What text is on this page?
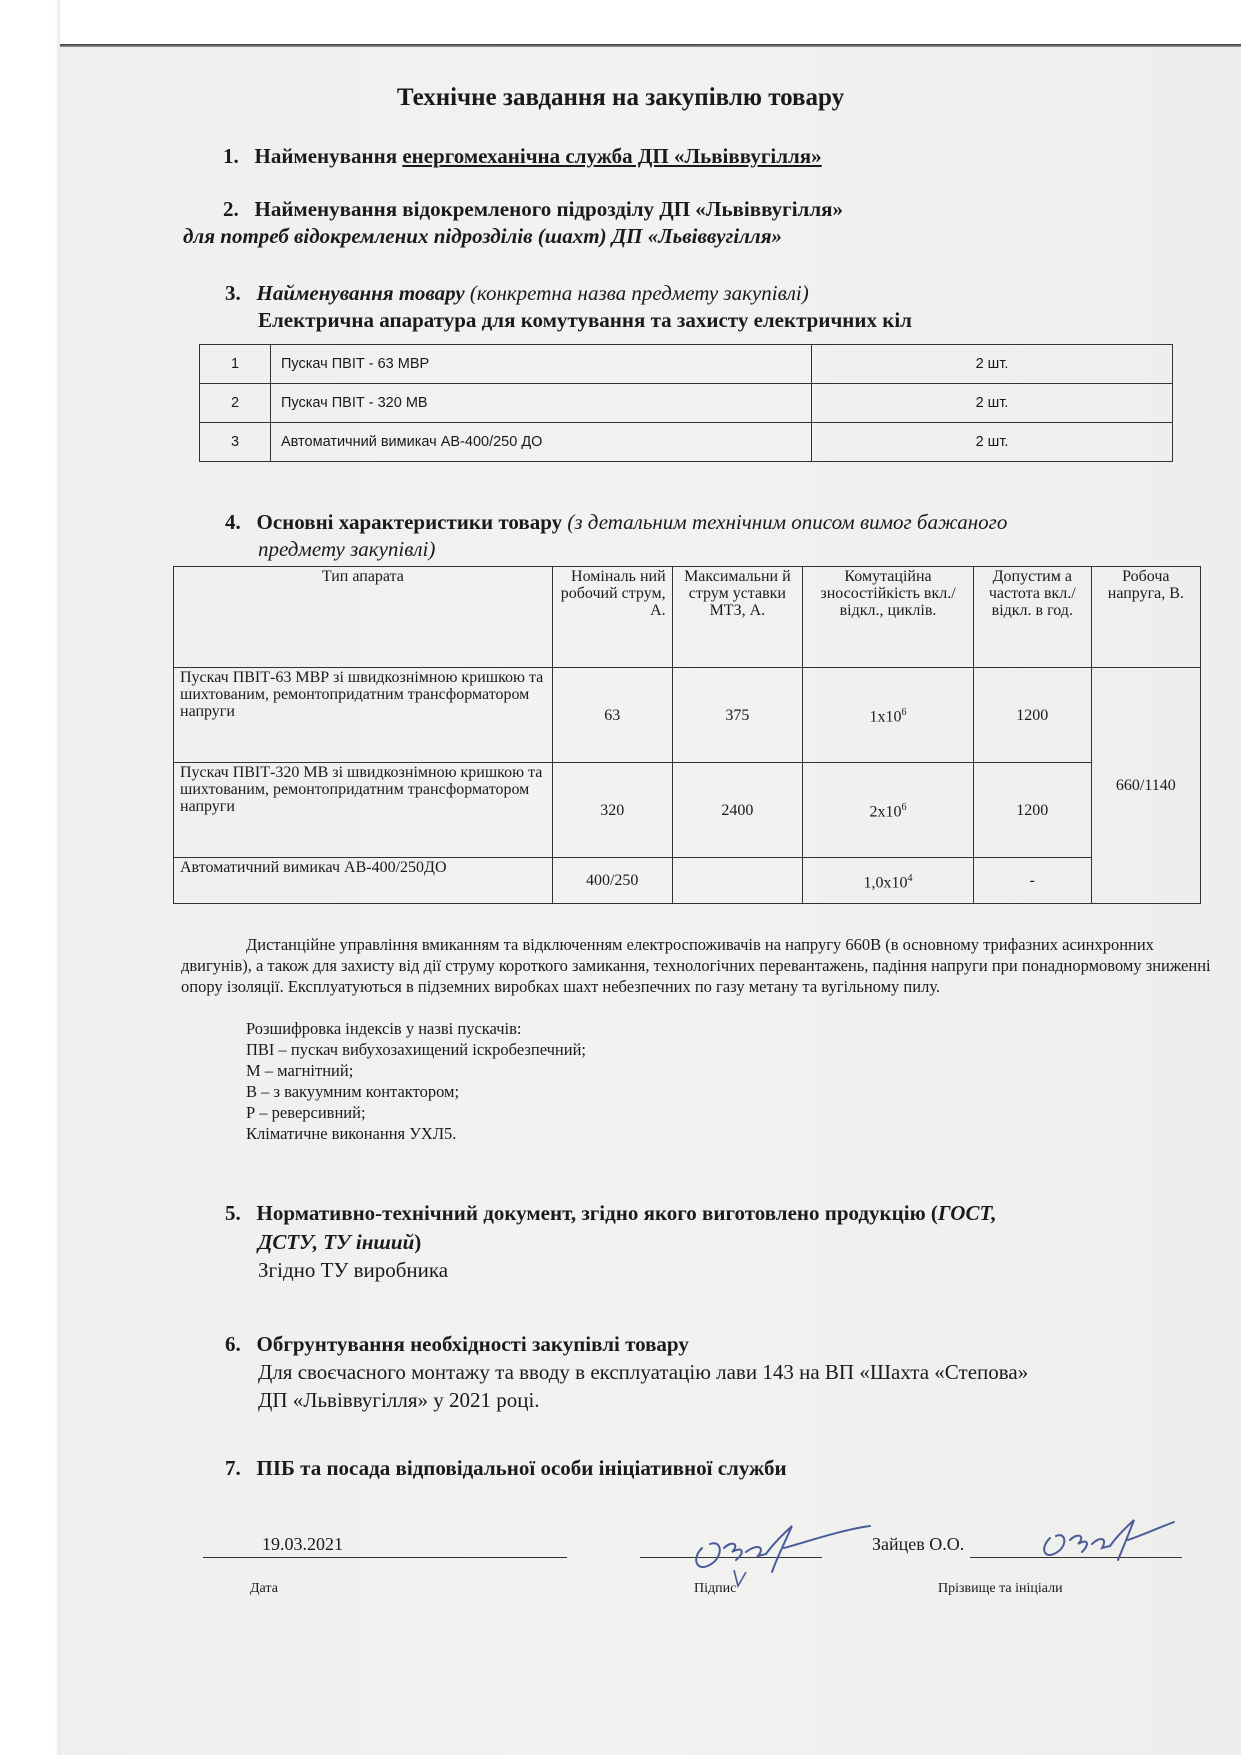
Технічне завдання на закупівлю товару
1. Найменування енергомеханічна служба ДП «Львіввугілля»
2. Найменування відокремленого підрозділу ДП «Львіввугілля»
для потреб відокремлених підрозділів (шахт) ДП «Львіввугілля»
3. Найменування товару (конкретна назва предмету закупівлі)
Електрична апаратура для комутування та захисту електричних кіл
1	Пускач ПВІТ - 63 МВР	2 шт.
2	Пускач ПВІТ - 320 МВ	2 шт.
3	Автоматичний вимикач АВ-400/250 ДО	2 шт.
4. Основні характеристики товару (з детальним технічним описом вимог бажаного
предмету закупівлі)
Тип апарата	Номіналь ний робочий струм, А.	Максимальни й струм уставки МТЗ, А.	Комутаційна зносостійкість вкл./відкл., циклів.	Допустим а частота вкл./відкл. в год.	Робоча напруга, В.
Пускач ПВІТ-63 МВР зі швидкознімною кришкою та шихтованим, ремонтопридатним трансформатором напруги	63	375	$1x10^6$	1200	660/1140
Пускач ПВІТ-320 МВ зі швидкознімною кришкою та шихтованим, ремонтопридатним трансформатором напруги	320	2400	$2x10^6$	1200	
Автоматичний вимикач АВ-400/250ДО	400/250		$1,0x10^4$	-	
Дистанційне управління вмиканням та відключенням електроспоживачів на напругу 660В (в основному трифазних асинхронних двигунів), а також для захисту від дії струму короткого замикання, технологічних перевантажень, падіння напруги при понаднормовому зниженні опору ізоляції. Експлуатуються в підземних виробках шахт небезпечних по газу метану та вугільному пилу.
Розшифровка індексів у назві пускачів:
ПВІ – пускач вибухозахищений іскробезпечний;
М – магнітний;
В – з вакуумним контактором;
Р – реверсивний;
Кліматичне виконання УХЛ5.
5. Нормативно-технічний документ, згідно якого виготовлено продукцію (ГОСТ,
ДСТУ, ТУ інший)
Згідно ТУ виробника
6. Обгрунтування необхідності закупівлі товару
Для своєчасного монтажу та вводу в експлуатацію лави 143 на ВП «Шахта «Степова»
ДП «Львіввугілля» у 2021 році.
7. ПІБ та посада відповідальної особи ініціативної служби
19.03.2021	Зайцев О.О.
Дата	Підпис	Прізвище та ініціали
